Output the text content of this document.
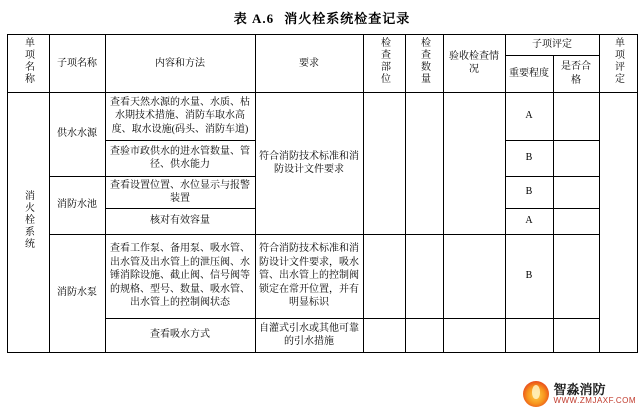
表 A.6 消火栓系统检查记录
单项名称	子项名称	内容和方法	要求	检查部位	检查数量	验收检查情况	子项评定		单项评定
							重要程度	是否合格	
消火栓系统	供水水源	查看天然水源的水量、水质、枯水期技术措施、消防车取水高度、取水设施(码头、消防车道)	符合消防技术标准和消防设计文件要求				A		
		查验市政供水的进水管数量、管径、供水能力					B		
	消防水池	查看设置位置、水位显示与报警装置					B		
		核对有效容量					A		
	消防水泵	查看工作泵、备用泵、吸水管、出水管及出水管上的泄压阀、水锤消除设施、截止阀、信号阀等的规格、型号、数量、吸水管、出水管上的控制阀状态	符合消防技术标准和消防设计文件要求，吸水管、出水管上的控制阀锁定在常开位置，并有明显标识				B		
		查看吸水方式	自灌式引水或其他可靠的引水措施						
智淼消防
WWW.ZMJAXF.COM
